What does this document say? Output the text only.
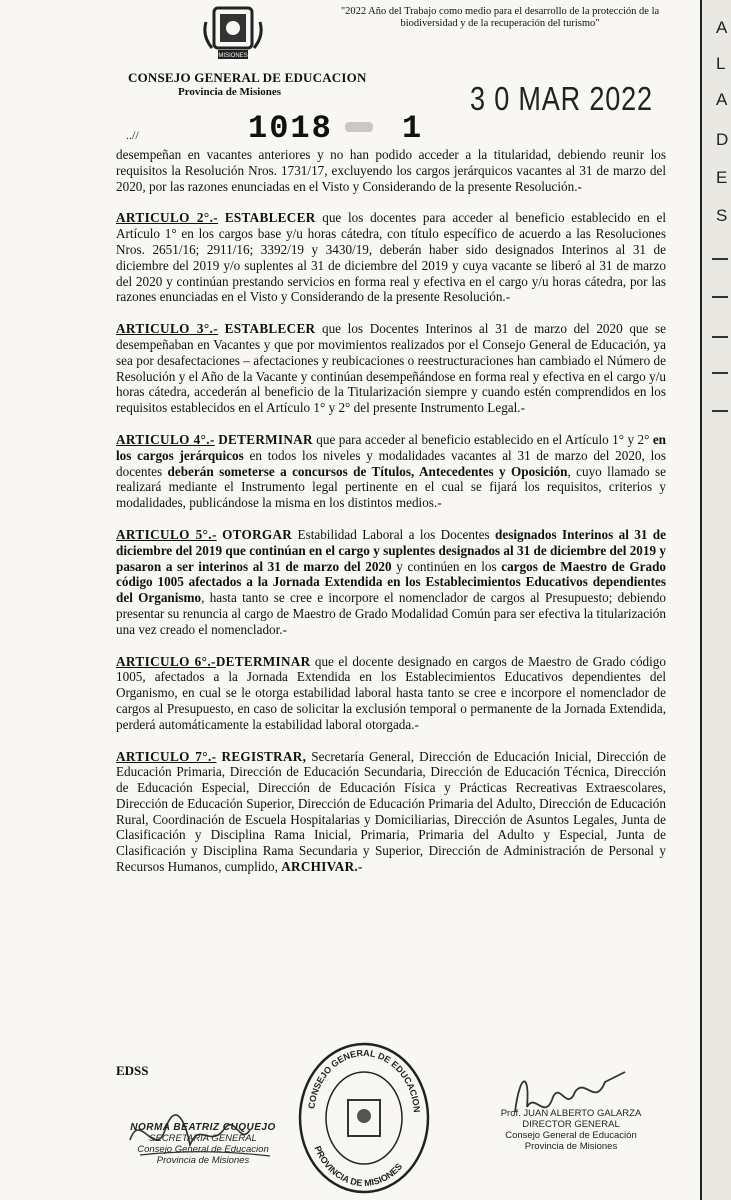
MISIONES
"2022 Año del Trabajo como medio para el desarrollo de la protección de la biodiversidad y de la recuperación del turismo"
CONSEJO GENERAL DE EDUCACION
Provincia de Misiones	3 0 MAR 2022
1018 1
..//

desempeñan en vacantes anteriores y no han podido acceder a la titularidad, debiendo reunir los requisitos la Resolución Nros. 1731/17, excluyendo los cargos jerárquicos vacantes al 31 de marzo del 2020, por las razones enunciadas en el Visto y Considerando de la presente Resolución.-

ARTICULO 2°.- ESTABLECER que los docentes para acceder al beneficio establecido en el Artículo 1° en los cargos base y/u horas cátedra, con título específico de acuerdo a las Resoluciones Nros. 2651/16; 2911/16; 3392/19 y 3430/19, deberán haber sido designados Interinos al 31 de diciembre del 2019 y/o suplentes al 31 de diciembre del 2019 y cuya vacante se liberó al 31 de marzo del 2020 y continúan prestando servicios en forma real y efectiva en el cargo y/u horas cátedra, por las razones enunciadas en el Visto y Considerando de la presente Resolución.-

ARTICULO 3°.- ESTABLECER que los Docentes Interinos al 31 de marzo del 2020 que se desempeñaban en Vacantes y que por movimientos realizados por el Consejo General de Educación, ya sea por desafectaciones – afectaciones y reubicaciones o reestructuraciones han cambiado el Número de Resolución y el Año de la Vacante y continúan desempeñándose en forma real y efectiva en el cargo y/u horas cátedra, accederán al beneficio de la Titularización siempre y cuando estén comprendidos en los requisitos establecidos en el Artículo 1° y 2° del presente Instrumento Legal.-

ARTICULO 4°.- DETERMINAR que para acceder al beneficio establecido en el Artículo 1° y 2° en los cargos jerárquicos en todos los niveles y modalidades vacantes al 31 de marzo del 2020, los docentes deberán someterse a concursos de Títulos, Antecedentes y Oposición, cuyo llamado se realizará mediante el Instrumento legal pertinente en el cual se fijará los requisitos, criterios y modalidades, publicándose la misma en los distintos medios.-

ARTICULO 5°.- OTORGAR Estabilidad Laboral a los Docentes designados Interinos al 31 de diciembre del 2019 que continúan en el cargo y suplentes designados al 31 de diciembre del 2019 y pasaron a ser interinos al 31 de marzo del 2020 y continúen en los cargos de Maestro de Grado código 1005 afectados a la Jornada Extendida en los Establecimientos Educativos dependientes del Organismo, hasta tanto se cree e incorpore el nomenclador de cargos al Presupuesto; debiendo presentar su renuncia al cargo de Maestro de Grado Modalidad Común para ser efectiva la titularización una vez creado el nomenclador.-

ARTICULO 6°.-DETERMINAR que el docente designado en cargos de Maestro de Grado código 1005, afectados a la Jornada Extendida en los Establecimientos Educativos dependientes del Organismo, en cual se le otorga estabilidad laboral hasta tanto se cree e incorpore el nomenclador de cargos al Presupuesto, en caso de solicitar la exclusión temporal o permanente de la Jornada Extendida, perderá automáticamente la estabilidad laboral otorgada.-

ARTICULO 7°.- REGISTRAR, Secretaría General, Dirección de Educación Inicial, Dirección de Educación Primaria, Dirección de Educación Secundaria, Dirección de Educación Técnica, Dirección de Educación Especial, Dirección de Educación Física y Prácticas Recreativas Extraescolares, Dirección de Educación Superior, Dirección de Educación Primaria del Adulto, Dirección de Educación Rural, Coordinación de Escuela Hospitalarias y Domiciliarias, Dirección de Asuntos Legales, Junta de Clasificación y Disciplina Rama Inicial, Primaria, Primaria del Adulto y Especial, Junta de Clasificación y Disciplina Rama Secundaria y Superior, Dirección de Administración de Personal y Recursos Humanos, cumplido, ARCHIVAR.-

EDSS
NORMA BEATRIZ CUQUEJO
SECRETARIA GENERAL
Consejo General de Educacion
Provincia de Misiones
CONSEJO GENERAL DE EDUCACION
PROVINCIA DE MISIONES
Prof. JUAN ALBERTO GALARZA
DIRECTOR GENERAL
Consejo General de Educación
Provincia de Misiones
A
L
A
D
E
S
